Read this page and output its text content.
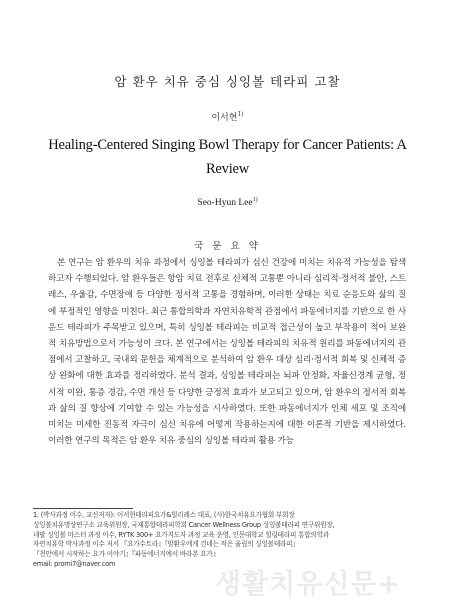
암 환우 치유 중심 싱잉볼 테라피 고찰
이서현$^{1)}$
Healing-Centered Singing Bowl Therapy for Cancer Patients: A Review
Seo-Hyun Lee$^{1)}$
국 문 요 약

본 연구는 암 환우의 치유 과정에서 싱잉볼 테라피가 심신 건강에 미치는 치유적 가능성을 탐색하고자 수행되었다. 암 환우들은 항암 치료 전후로 신체적 고통뿐 아니라 심리적·정서적 불안, 스트레스, 우울감, 수면장애 등 다양한 정서적 고통을 경험하며, 이러한 상태는 치료 순응도와 삶의 질에 부정적인 영향을 미친다. 최근 통합의학과 자연치유학적 관점에서 파동에너지를 기반으로 한 사운드 테라피가 주목받고 있으며, 특히 싱잉볼 테라피는 비교적 접근성이 높고 부작용이 적어 보완적 치유방법으로서 가능성이 크다. 본 연구에서는 싱잉볼 테라피의 치유적 원리를 파동에너지의 관점에서 고찰하고, 국내외 문헌을 체계적으로 분석하여 암 환우 대상 심리·정서적 회복 및 신체적 증상 완화에 대한 효과를 정리하였다. 분석 결과, 싱잉볼 테라피는 뇌파 안정화, 자율신경계 균형, 정서적 이완, 통증 경감, 수면 개선 등 다양한 긍정적 효과가 보고되고 있으며, 암 환우의 정서적 회복과 삶의 질 향상에 기여할 수 있는 가능성을 시사하였다. 또한 파동에너지가 인체 세포 및 조직에 미치는 미세한 진동적 자극이 심신 치유에 어떻게 작용하는지에 대한 이론적 기반을 제시하였다. 이러한 연구의 목적은 암 환우 치유 중심의 싱잉볼 테라피 활용 가능

1. (박사과정 이수, 교신저자): 이서현테라피요가&힐리레스 대표, (사)한국치유요가협회 부회장
싱잉볼치유명상연구소 교육위원장, 국제통합테라피학회 Cancer Wellness Group 싱잉볼테라피 연구위원장,
네팔 싱잉볼 마스터 과정 이수, RYTK 300+ 요가지도자 과정 교육 운영, 인문대학교 힐링테라피 통합의학과
자연치유학 박사과정 이수 저서 『요가수트라』『암환우에게 건네는 작은 울림의 싱잉볼테라피』
『천안에서 시작하는 요가 이야기』『파동에너지에서 바라본 요가』
email: promi7@naver.com
생활치유신문+
